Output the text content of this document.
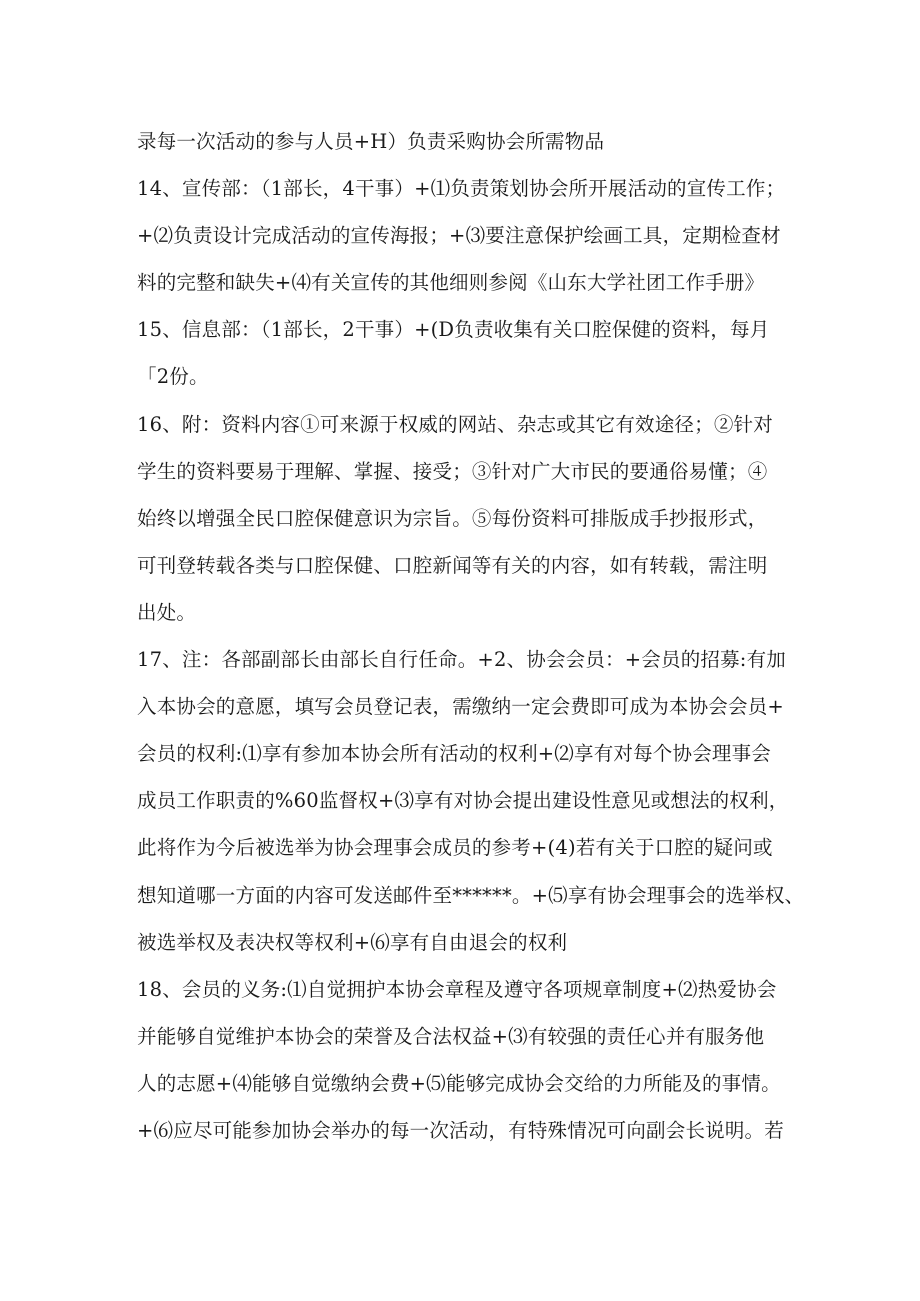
录每一次活动的参与人员+H）负责采购协会所需物品
14、宣传部：（1部长，4干事）+⑴负责策划协会所开展活动的宣传工作；
+⑵负责设计完成活动的宣传海报；+⑶要注意保护绘画工具，定期检查材
料的完整和缺失+⑷有关宣传的其他细则参阅《山东大学社团工作手册》
15、信息部：（1部长，2干事）+(D负责收集有关口腔保健的资料，每月
「2份。
16、附：资料内容①可来源于权威的网站、杂志或其它有效途径；②针对
学生的资料要易于理解、掌握、接受；③针对广大市民的要通俗易懂；④
始终以增强全民口腔保健意识为宗旨。⑤每份资料可排版成手抄报形式，
可刊登转载各类与口腔保健、口腔新闻等有关的内容，如有转载，需注明
出处。
17、注：各部副部长由部长自行任命。+2、协会会员：+会员的招募:有加
入本协会的意愿，填写会员登记表，需缴纳一定会费即可成为本协会会员+
会员的权利:⑴享有参加本协会所有活动的权利+⑵享有对每个协会理事会
成员工作职责的%60监督权+⑶享有对协会提出建设性意见或想法的权利，
此将作为今后被选举为协会理事会成员的参考+(4)若有关于口腔的疑问或
想知道哪一方面的内容可发送邮件至******。+⑸享有协会理事会的选举权、
被选举权及表决权等权利+⑹享有自由退会的权利
18、会员的义务:⑴自觉拥护本协会章程及遵守各项规章制度+⑵热爱协会
并能够自觉维护本协会的荣誉及合法权益+⑶有较强的责任心并有服务他
人的志愿+⑷能够自觉缴纳会费+⑸能够完成协会交给的力所能及的事情。
+⑹应尽可能参加协会举办的每一次活动，有特殊情况可向副会长说明。若
